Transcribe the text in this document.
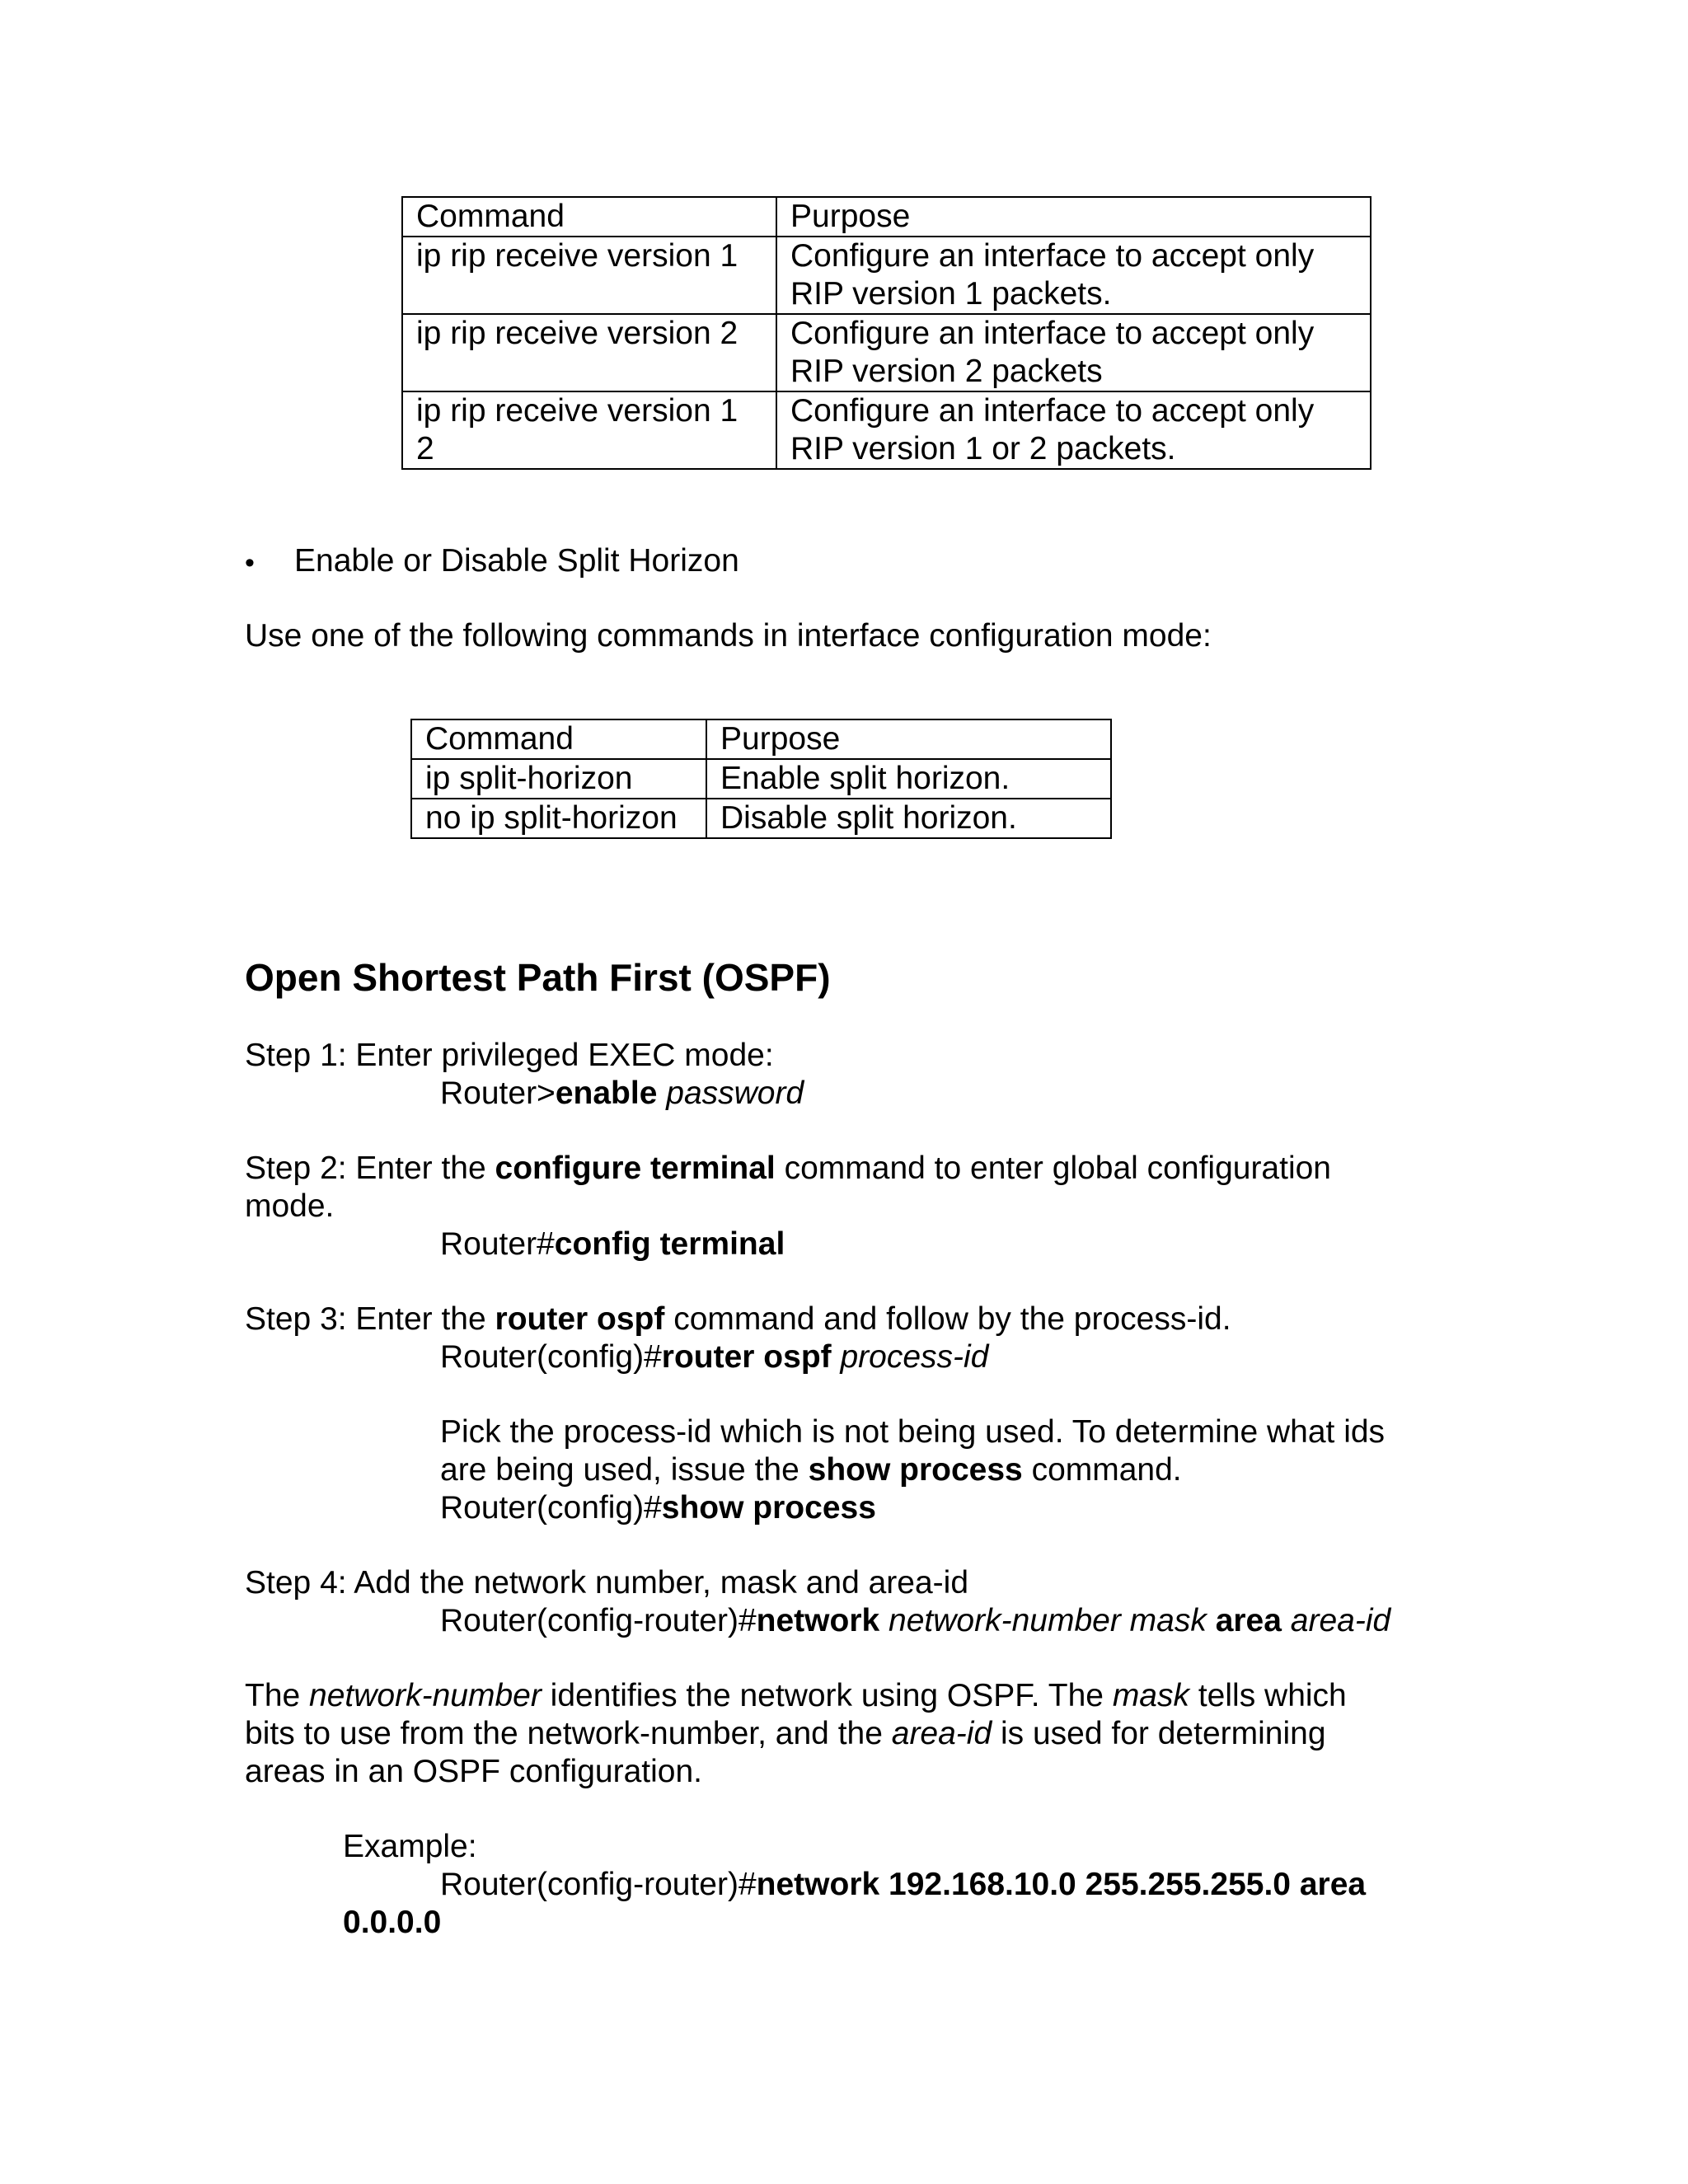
Command	Purpose
ip rip receive version 1	Configure an interface to accept only
RIP version 1 packets.
ip rip receive version 2	Configure an interface to accept only
RIP version 2 packets
ip rip receive version 1
2	Configure an interface to accept only
RIP version 1 or 2 packets.
• Enable or Disable Split Horizon
Use one of the following commands in interface configuration mode:
Command	Purpose
ip split-horizon	Enable split horizon.
no ip split-horizon	Disable split horizon.
Open Shortest Path First (OSPF)
Step 1: Enter privileged EXEC mode:
Router>enable password
Step 2: Enter the configure terminal command to enter global configuration
mode.
Router#config terminal
Step 3: Enter the router ospf command and follow by the process-id.
Router(config)#router ospf process-id
Pick the process-id which is not being used. To determine what ids
are being used, issue the show process command.
Router(config)#show process
Step 4: Add the network number, mask and area-id
Router(config-router)#network network-number mask area area-id
The network-number identifies the network using OSPF. The mask tells which
bits to use from the network-number, and the area-id is used for determining
areas in an OSPF configuration.
Example:
Router(config-router)#network 192.168.10.0 255.255.255.0 area
0.0.0.0
